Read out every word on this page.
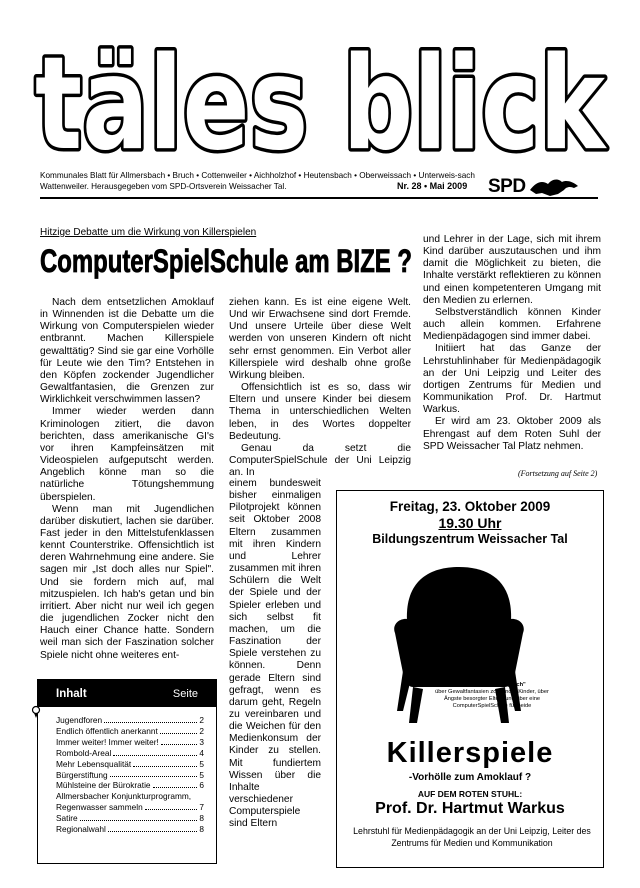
täles blick
Kommunales Blatt für Allmersbach • Bruch • Cottenweiler • Aichholzhof • Heutensbach • Oberweissach • Unterweis-sach Wattenweiler. Herausgegeben vom SPD-Ortsverein Weissacher Tal.	Nr. 28 • Mai 2009 SPD
Hitzige Debatte um die Wirkung von Killerspielen
ComputerSpielSchule am BIZE ?

Nach dem entsetzlichen Amoklauf in Winnenden ist die Debatte um die Wirkung von Computerspielen wieder entbrannt. Machen Killerspiele gewalttätig? Sind sie gar eine Vorhölle für Leute wie den Tim? Entstehen in den Köpfen zockender Jugendlicher Gewaltfantasien, die Grenzen zur Wirklichkeit verschwimmen lassen?

Immer wieder werden dann Kriminologen zitiert, die davon berichten, dass amerikanische GI's vor ihren Kampfeinsätzen mit Videospielen aufgeputscht werden. Angeblich könne man so die natürliche Tötungshemmung überspielen.

Wenn man mit Jugendlichen darüber diskutiert, lachen sie darüber. Fast jeder in den Mittelstufenklassen kennt Counterstrike. Offensichtlich ist deren Wahrnehmung eine andere. Sie sagen mir „Ist doch alles nur Spiel". Und sie fordern mich auf, mal mitzuspielen. Ich hab's getan und bin irritiert. Aber nicht nur weil ich gegen die jugendlichen Zocker nicht den Hauch einer Chance hatte. Sondern weil man sich der Faszination solcher Spiele nicht ohne weiteres ent-

ziehen kann. Es ist eine eigene Welt. Und wir Erwachsene sind dort Fremde. Und unsere Urteile über diese Welt werden von unseren Kindern oft nicht sehr ernst genommen. Ein Verbot aller Killerspiele wird deshalb ohne große Wirkung bleiben.

Offensichtlich ist es so, dass wir Eltern und unsere Kinder bei diesem Thema in unterschiedlichen Welten leben, in des Wortes doppelter Bedeutung.

Genau da setzt die ComputerSpielSchule der Uni Leipzig an. In

einem bundesweit bisher einmaligen Pilotprojekt können seit Oktober 2008 Eltern zusammen mit ihren Kindern und Lehrer zusammen mit ihren Schülern die Welt der Spiele und der Spieler erleben und sich selbst fit machen, um die Faszination der Spiele verstehen zu können. Denn gerade Eltern sind gefragt, wenn es darum geht, Regeln zu vereinbaren und die Weichen für den Medienkonsum der Kinder zu stellen. Mit fundiertem Wissen über die Inhalte verschiedener Computerspiele sind Eltern

und Lehrer in der Lage, sich mit ihrem Kind darüber auszutauschen und ihm damit die Möglichkeit zu bieten, die Inhalte verstärkt reflektieren zu können und einen kompetenteren Umgang mit den Medien zu erlernen.

Selbstverständlich können Kinder auch allein kommen. Erfahrene Medienpädagogen sind immer dabei.

Initiiert hat das Ganze der Lehrstuhlinhaber für Medienpädagogik an der Uni Leipzig und Leiter des dortigen Zentrums für Medien und Kommunikation Prof. Dr. Hartmut Warkus.

Er wird am 23. Oktober 2009 als Ehrengast auf dem Roten Suhl der SPD Weissacher Tal Platz nehmen.

(Fortsetzung auf Seite 2)
Inhalt	Seite
Jugendforen	2
Endlich öffentlich anerkannt	2
Immer weiter! Immer weiter!	3
Rombold-Areal	4
Mehr Lebensqualität	5
Bürgerstiftung	5
Mühlsteine der Bürokratie	6
Allmersbacher Konjunkturprogramm,
Regenwasser sammeln	7
Satire	8
Regionalwahl	8
Freitag, 23. Oktober 2009
19.30 Uhr
Bildungszentrum Weissacher Tal
Die SPD
Weissacher Tal
lädt ein zu einem
„Generationengespräch"
über Gewaltfantasien zockender Kinder, über Ängste besorgter Eltern und über eine ComputerSpielSchule für beide
Killerspiele
-Vorhölle zum Amoklauf ?
AUF DEM ROTEN STUHL:
Prof. Dr. Hartmut Warkus
Lehrstuhl für Medienpädagogik an der Uni Leipzig, Leiter des Zentrums für Medien und Kommunikation
